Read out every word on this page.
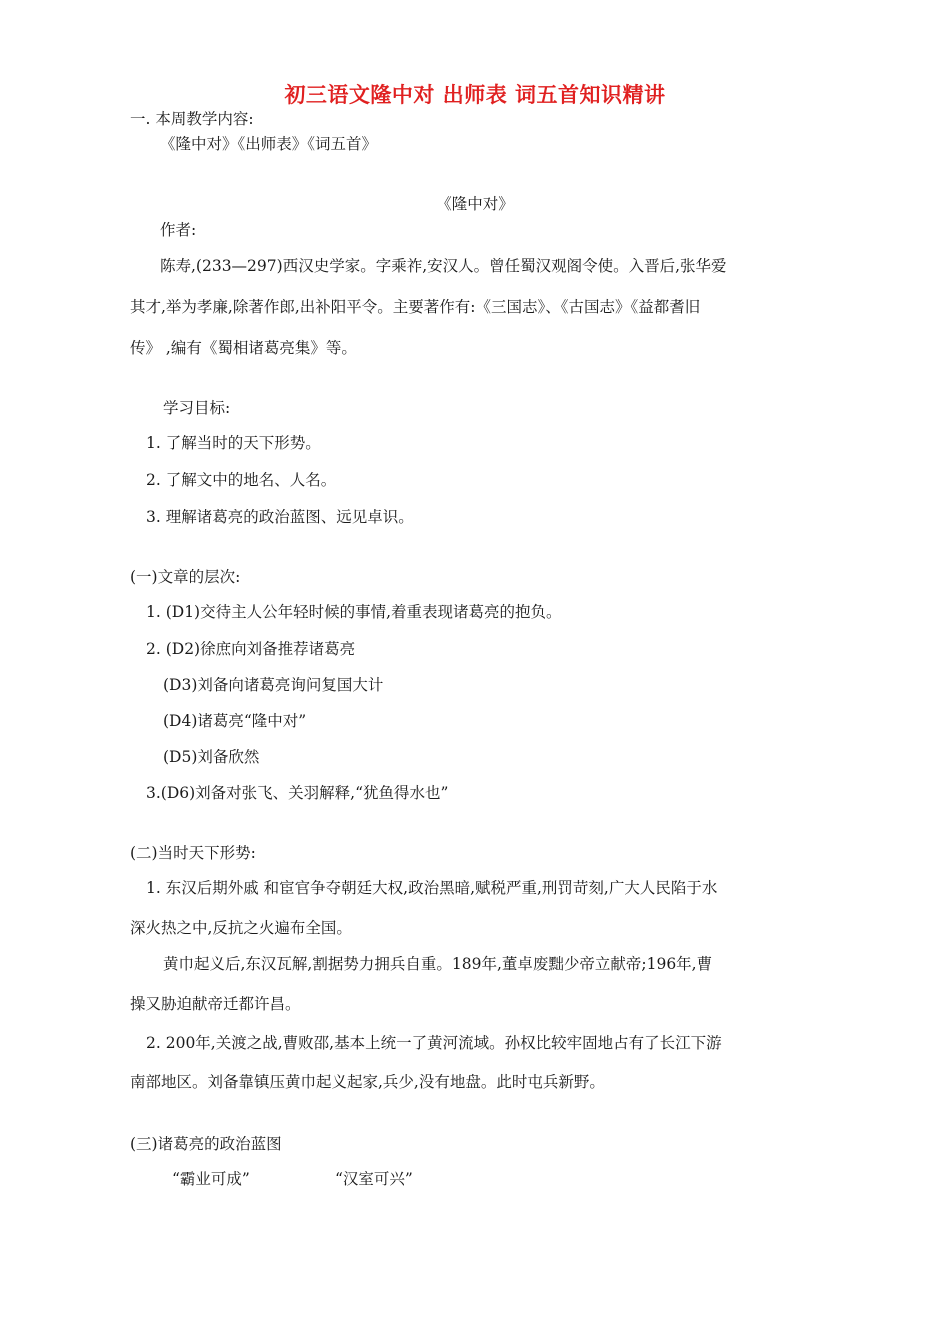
初三语文隆中对 出师表 词五首知识精讲
一. 本周教学内容:
《隆中对》《出师表》《词五首》
《隆中对》
作者:
陈寿,(233—297)西汉史学家。字乘祚,安汉人。曾任蜀汉观阁令使。入晋后,张华爱
其才,举为孝廉,除著作郎,出补阳平令。主要著作有:《三国志》、《古国志》《益都耆旧
传》 ,编有《蜀相诸葛亮集》等。
学习目标:
1. 了解当时的天下形势。
2. 了解文中的地名、人名。
3. 理解诸葛亮的政治蓝图、远见卓识。
(一)文章的层次:
1. (D1)交待主人公年轻时候的事情,着重表现诸葛亮的抱负。
2. (D2)徐庶向刘备推荐诸葛亮
(D3)刘备向诸葛亮询问复国大计
(D4)诸葛亮“隆中对”
(D5)刘备欣然
3.(D6)刘备对张飞、关羽解释,“犹鱼得水也”
(二)当时天下形势:
1. 东汉后期外戚 和宦官争夺朝廷大权,政治黑暗,赋税严重,刑罚苛刻,广大人民陷于水
深火热之中,反抗之火遍布全国。
黄巾起义后,东汉瓦解,割据势力拥兵自重。189年,董卓废黜少帝立献帝;196年,曹
操又胁迫献帝迁都许昌。
2. 200年,关渡之战,曹败邵,基本上统一了黄河流域。孙权比较牢固地占有了长江下游
南部地区。刘备靠镇压黄巾起义起家,兵少,没有地盘。此时屯兵新野。
(三)诸葛亮的政治蓝图
“霸业可成”	“汉室可兴”
